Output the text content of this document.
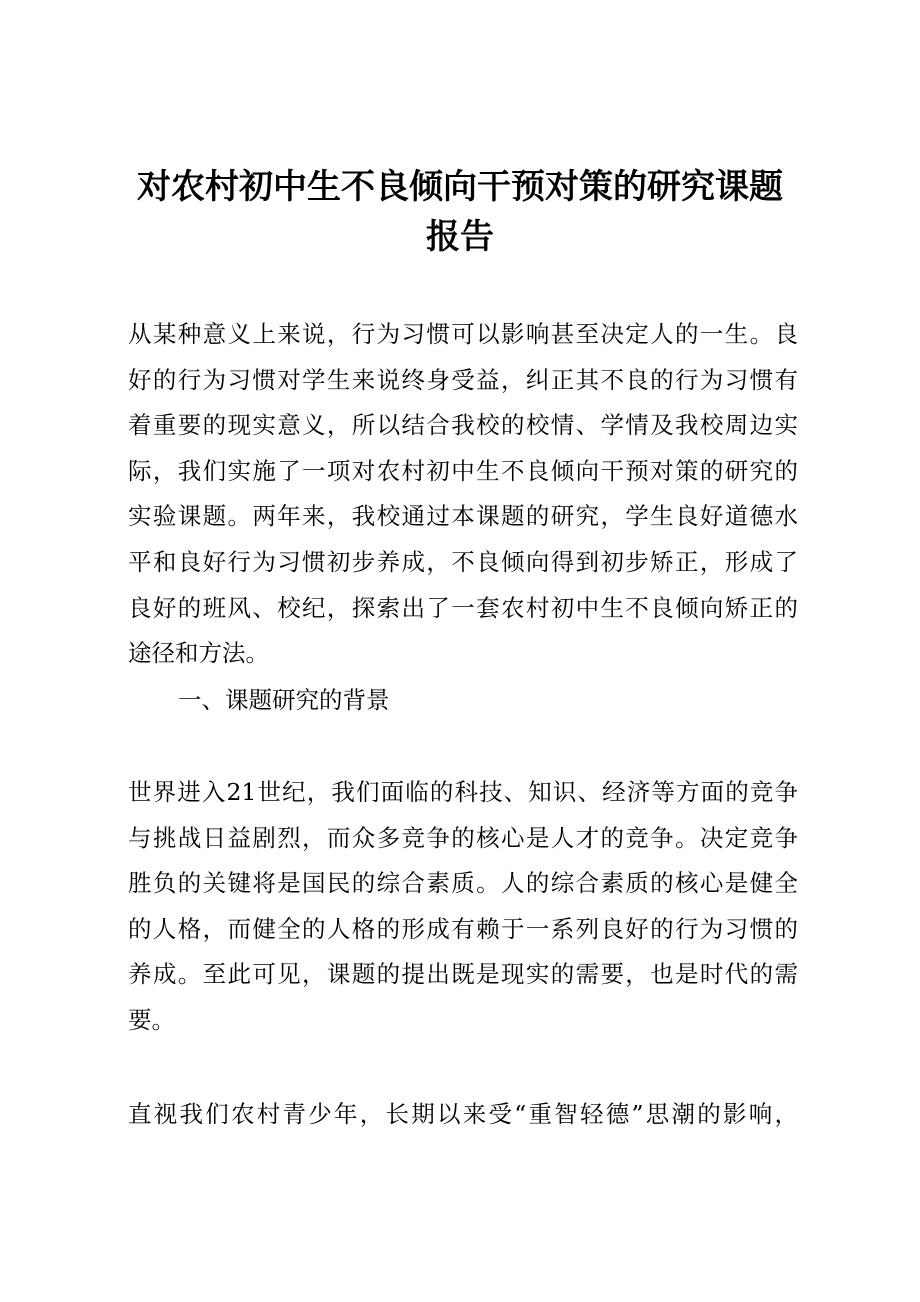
对农村初中生不良倾向干预对策的研究课题
报告
从某种意义上来说，行为习惯可以影响甚至决定人的一生。良
好的行为习惯对学生来说终身受益，纠正其不良的行为习惯有
着重要的现实意义，所以结合我校的校情、学情及我校周边实
际，我们实施了一项对农村初中生不良倾向干预对策的研究的
实验课题。两年来，我校通过本课题的研究，学生良好道德水
平和良好行为习惯初步养成，不良倾向得到初步矫正，形成了
良好的班风、校纪，探索出了一套农村初中生不良倾向矫正的
途径和方法。
一、课题研究的背景
世界进入21世纪，我们面临的科技、知识、经济等方面的竞争
与挑战日益剧烈，而众多竞争的核心是人才的竞争。决定竞争
胜负的关键将是国民的综合素质。人的综合素质的核心是健全
的人格，而健全的人格的形成有赖于一系列良好的行为习惯的
养成。至此可见，课题的提出既是现实的需要，也是时代的需
要。
直视我们农村青少年，长期以来受“重智轻德”思潮的影响，
